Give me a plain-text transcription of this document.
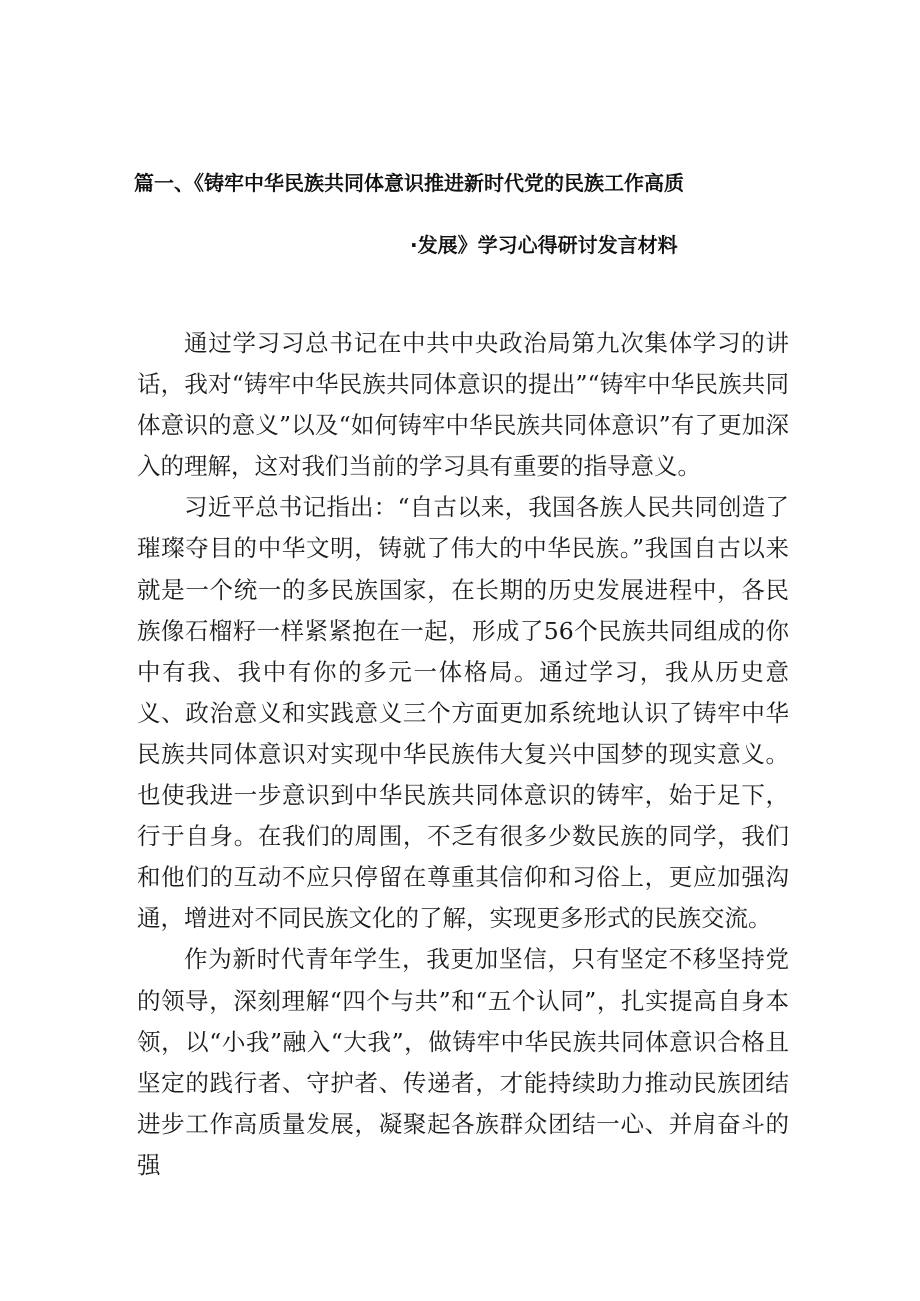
篇一、《铸牢中华民族共同体意识推进新时代党的民族工作高质
·发展》学习心得研讨发言材料

通过学习习总书记在中共中央政治局第九次集体学习的讲话，我对“铸牢中华民族共同体意识的提出”“铸牢中华民族共同体意识的意义”以及“如何铸牢中华民族共同体意识”有了更加深入的理解，这对我们当前的学习具有重要的指导意义。

习近平总书记指出：“自古以来，我国各族人民共同创造了璀璨夺目的中华文明，铸就了伟大的中华民族。”我国自古以来就是一个统一的多民族国家，在长期的历史发展进程中，各民族像石榴籽一样紧紧抱在一起，形成了56个民族共同组成的你中有我、我中有你的多元一体格局。通过学习，我从历史意义、政治意义和实践意义三个方面更加系统地认识了铸牢中华民族共同体意识对实现中华民族伟大复兴中国梦的现实意义。也使我进一步意识到中华民族共同体意识的铸牢，始于足下，行于自身。在我们的周围，不乏有很多少数民族的同学，我们和他们的互动不应只停留在尊重其信仰和习俗上，更应加强沟通，增进对不同民族文化的了解，实现更多形式的民族交流。

作为新时代青年学生，我更加坚信，只有坚定不移坚持党的领导，深刻理解“四个与共”和“五个认同”，扎实提高自身本领，以“小我”融入“大我”，做铸牢中华民族共同体意识合格且坚定的践行者、守护者、传递者，才能持续助力推动民族团结进步工作高质量发展，凝聚起各族群众团结一心、并肩奋斗的强
